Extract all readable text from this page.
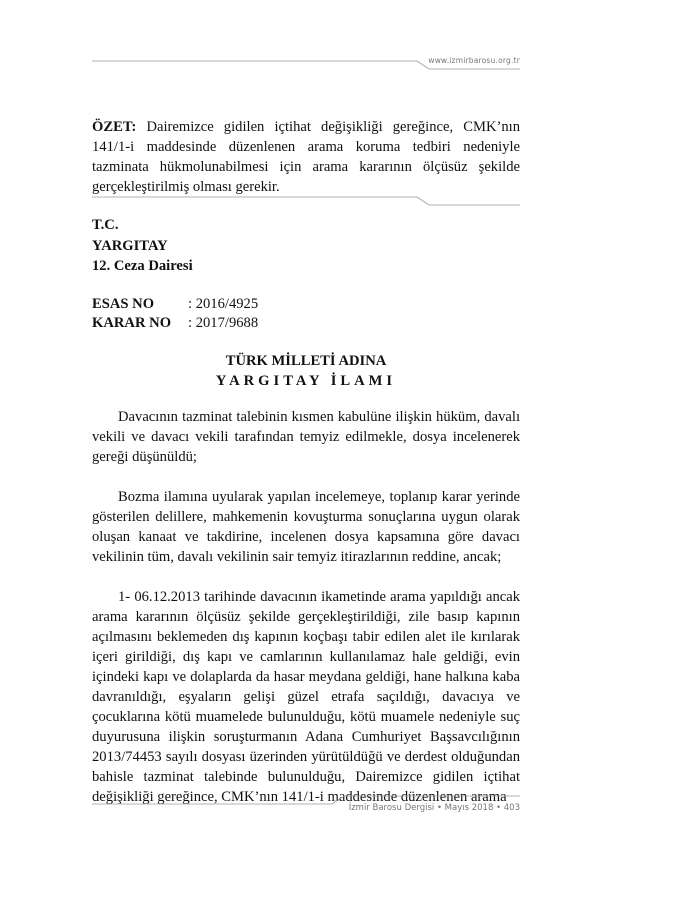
www.izmirbarosu.org.tr
ÖZET: Dairemizce gidilen içtihat değişikliği gereğince, CMK’nın 141/1-i maddesinde düzenlenen arama koruma tedbiri nedeniyle tazminata hükmolunabilmesi için arama kararının ölçüsüz şekilde gerçekleştirilmiş olması gerekir.
T.C.
YARGITAY
12. Ceza Dairesi
ESAS NO : 2016/4925
KARAR NO : 2017/9688
TÜRK MİLLETİ ADINA
YARGITAY İLAMI

Davacının tazminat talebinin kısmen kabulüne ilişkin hüküm, davalı vekili ve davacı vekili tarafından temyiz edilmekle, dosya incelenerek gereği düşünüldü;

Bozma ilamına uyularak yapılan incelemeye, toplanıp karar yerinde gösterilen delillere, mahkemenin kovuşturma sonuçlarına uygun olarak oluşan kanaat ve takdirine, incelenen dosya kapsamına göre davacı vekilinin tüm, davalı vekilinin sair temyiz itirazlarının reddine, ancak;

1- 06.12.2013 tarihinde davacının ikametinde arama yapıldığı ancak arama kararının ölçüsüz şekilde gerçekleştirildiği, zile basıp kapının açılmasını beklemeden dış kapının koçbaşı tabir edilen alet ile kırılarak içeri girildiği, dış kapı ve camlarının kullanılamaz hale geldiği, evin içindeki kapı ve dolaplarda da hasar meydana geldiği, hane halkına kaba davranıldığı, eşyaların gelişi güzel etrafa saçıldığı, davacıya ve çocuklarına kötü muamelede bulunulduğu, kötü muamele nedeniyle suç duyurusuna ilişkin soruşturmanın Adana Cumhuriyet Başsavcılığının 2013/74453 sayılı dosyası üzerinden yürütüldüğü ve derdest olduğundan bahisle tazminat talebinde bulunulduğu, Dairemizce gidilen içtihat değişikliği gereğince, CMK’nın 141/1-i maddesinde düzenlenen arama

İzmir Barosu Dergisi • Mayıs 2018 • 403
